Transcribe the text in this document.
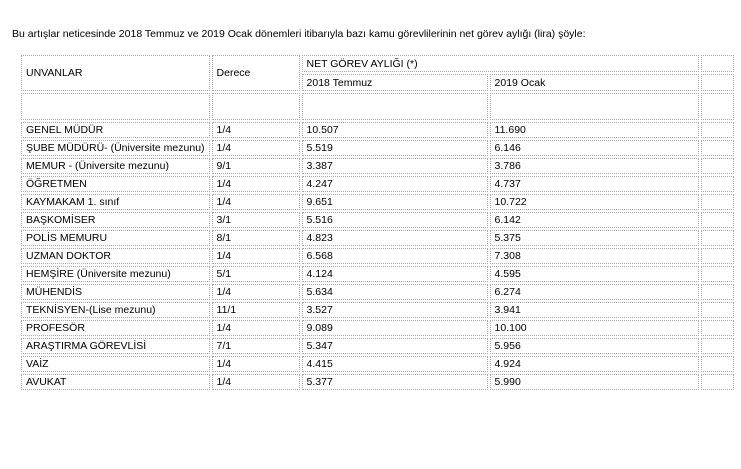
Bu artışlar neticesinde 2018 Temmuz ve 2019 Ocak dönemleri itibarıyla bazı kamu görevlilerinin net görev aylığı (lira) şöyle:

UNVANLAR	Derece	NET GÖREV AYLIĞI (*)		
		2018 Temmuz	2019 Ocak	

GENEL MÜDÜR	1/4	10.507	11.690	
ŞUBE MÜDÜRÜ- (Üniversite mezunu)	1/4	5.519	6.146	
MEMUR - (Üniversite mezunu)	9/1	3.387	3.786	
ÖĞRETMEN	1/4	4.247	4.737	
KAYMAKAM 1. sınıf	1/4	9.651	10.722	
BAŞKOMİSER	3/1	5.516	6.142	
POLİS MEMURU	8/1	4.823	5.375	
UZMAN DOKTOR	1/4	6.568	7.308	
HEMŞİRE (Üniversite mezunu)	5/1	4.124	4.595	
MÜHENDİS	1/4	5.634	6.274	
TEKNİSYEN-(Lise mezunu)	11/1	3.527	3.941	
PROFESÖR	1/4	9.089	10.100	
ARAŞTIRMA GÖREVLİSİ	7/1	5.347	5.956	
VAİZ	1/4	4.415	4.924	
AVUKAT	1/4	5.377	5.990	
